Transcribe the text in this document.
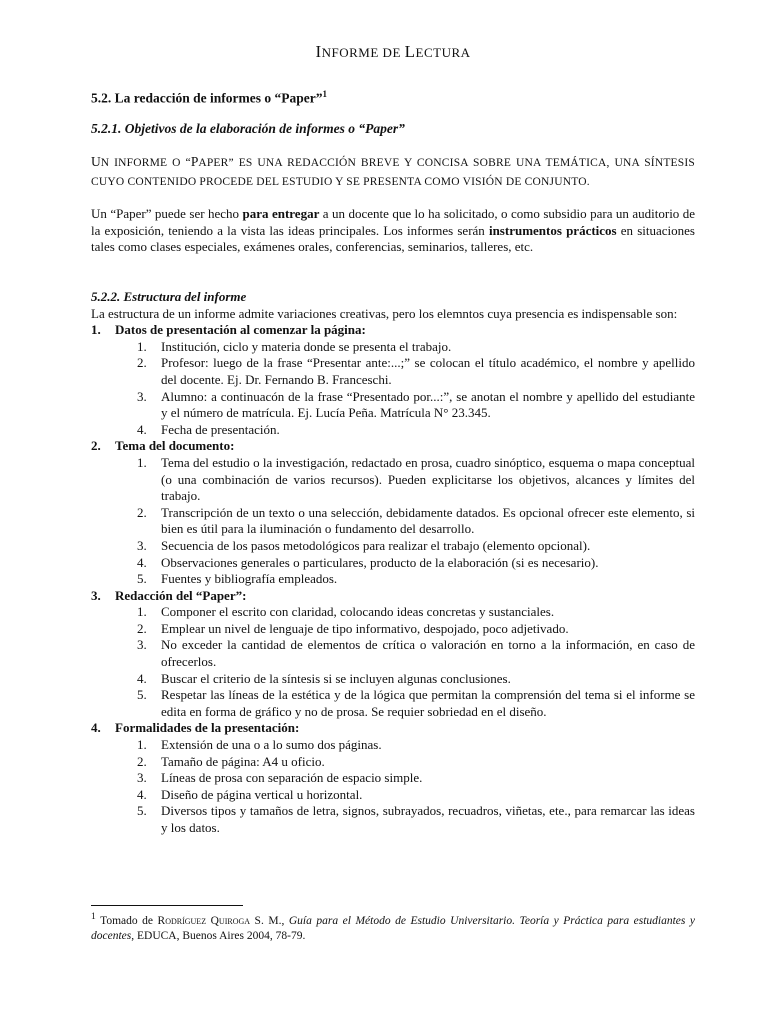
INFORME DE LECTURA
5.2. La redacción de informes o “Paper”$^1$
5.2.1. Objetivos de la elaboración de informes o “Paper”
UN INFORME O “PAPER” ES UNA REDACCIÓN BREVE Y CONCISA SOBRE UNA TEMÁTICA, UNA SÍNTESIS CUYO CONTENIDO PROCEDE DEL ESTUDIO Y SE PRESENTA COMO VISIÓN DE CONJUNTO.
Un “Paper” puede ser hecho para entregar a un docente que lo ha solicitado, o como subsidio para un auditorio de la exposición, teniendo a la vista las ideas principales. Los informes serán instrumentos prácticos en situaciones tales como clases especiales, exámenes orales, conferencias, seminarios, talleres, etc.
5.2.2. Estructura del informe
La estructura de un informe admite variaciones creativas, pero los elemntos cuya presencia es indispensable son:
1.	Datos de presentación al comenzar la página:
1.	Institución, ciclo y materia donde se presenta el trabajo.
2.	Profesor: luego de la frase “Presentar ante:...;” se colocan el título académico, el nombre y apellido del docente. Ej. Dr. Fernando B. Franceschi.
3.	Alumno: a continuacón de la frase “Presentado por...:”, se anotan el nombre y apellido del estudiante y el número de matrícula. Ej. Lucía Peña. Matrícula N° 23.345.
4.	Fecha de presentación.
2.	Tema del documento:
1.	Tema del estudio o la investigación, redactado en prosa, cuadro sinóptico, esquema o mapa conceptual (o una combinación de varios recursos). Pueden explicitarse los objetivos, alcances y límites del trabajo.
2.	Transcripción de un texto o una selección, debidamente datados. Es opcional ofrecer este elemento, si bien es útil para la iluminación o fundamento del desarrollo.
3.	Secuencia de los pasos metodológicos para realizar el trabajo (elemento opcional).
4.	Observaciones generales o particulares, producto de la elaboración (si es necesario).
5.	Fuentes y bibliografía empleados.
3.	Redacción del “Paper”:
1.	Componer el escrito con claridad, colocando ideas concretas y sustanciales.
2.	Emplear un nivel de lenguaje de tipo informativo, despojado, poco adjetivado.
3.	No exceder la cantidad de elementos de crítica o valoración en torno a la información, en caso de ofrecerlos.
4.	Buscar el criterio de la síntesis si se incluyen algunas conclusiones.
5.	Respetar las líneas de la estética y de la lógica que permitan la comprensión del tema si el informe se edita en forma de gráfico y no de prosa. Se requier sobriedad en el diseño.
4.	Formalidades de la presentación:
1.	Extensión de una o a lo sumo dos páginas.
2.	Tamaño de página: A4 u oficio.
3.	Líneas de prosa con separación de espacio simple.
4.	Diseño de página vertical u horizontal.
5.	Diversos tipos y tamaños de letra, signos, subrayados, recuadros, viñetas, ete., para remarcar las ideas y los datos.
$^1$ Tomado de Rodríguez Quiroga S. M., Guía para el Método de Estudio Universitario. Teoría y Práctica para estudiantes y docentes, EDUCA, Buenos Aires 2004, 78-79.
